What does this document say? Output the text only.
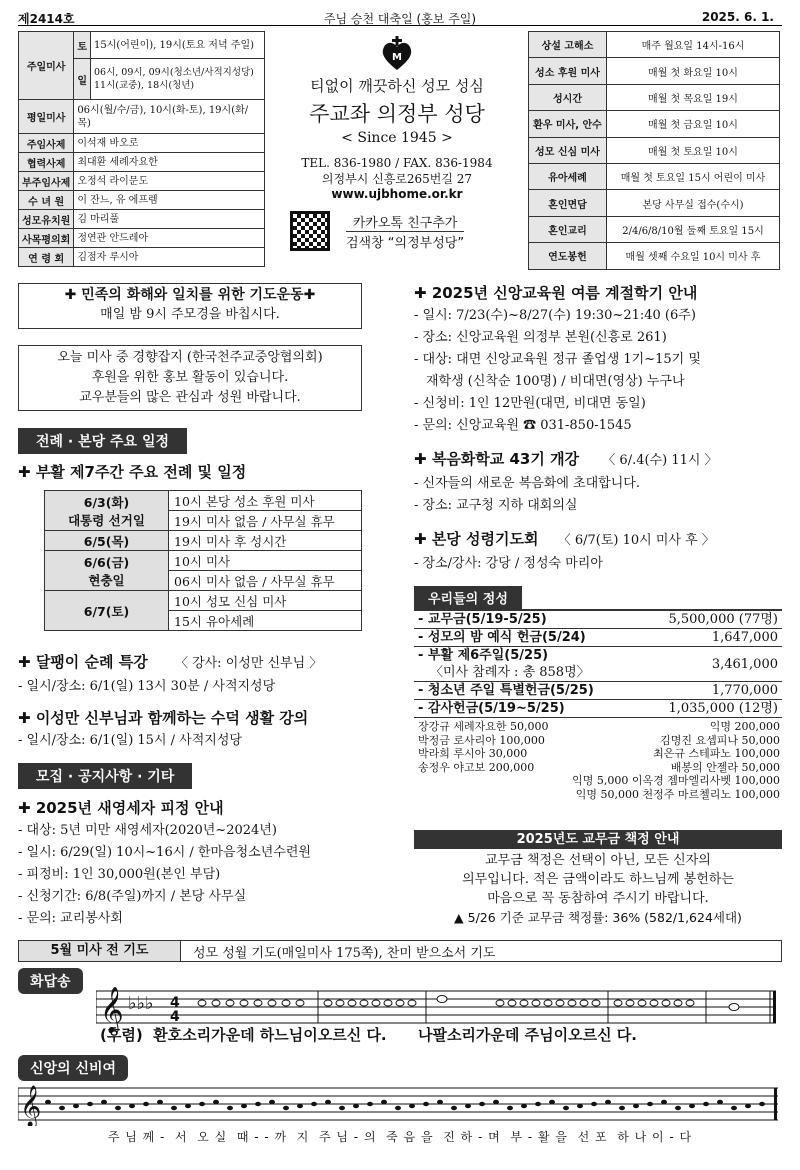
주님 승천 대축일 (홍보 주일)
제2414호	2025. 6. 1.
주일미사	토	15시(어린이), 19시(토요 저녁 주일)
	일	06시, 09시, 09시(청소년/사적지성당) 11시(교중), 18시(청년)
평일미사	06시(월/수/금), 10시(화-토), 19시(화/목)	
주임사제	이석재 바오로	
협력사제	최대환 세례자요한	
부주임사제	오정석 라이문도	
수 녀 원	이 잔느, 유 에프렘	
성모유치원	김 마리풀	
사목평의회	정연관 안드레아	
연 령 회	김점자 루시아	
M
티없이 깨끗하신 성모 성심
주교좌 의정부 성당
< Since 1945 >
TEL. 836-1980 / FAX. 836-1984
의정부시 신흥로265번길 27
www.ujbhome.or.kr
카카오톡 친구추가
검색창 “의정부성당”
상설 고해소	매주 월요일 14시-16시
성소 후원 미사	매월 첫 화요일 10시
성시간	매월 첫 목요일 19시
환우 미사, 안수	매월 첫 금요일 10시
성모 신심 미사	매월 첫 토요일 10시
유아세례	매월 첫 토요일 15시 어린이 미사
혼인면담	본당 사무실 접수(수시)
혼인교리	2/4/6/8/10월 둘째 토요일 15시
연도봉헌	매월 셋째 수요일 10시 미사 후
✚ 민족의 화해와 일치를 위한 기도운동✚
매일 밤 9시 주모경을 바칩시다.
오늘 미사 중 경향잡지 (한국천주교중앙협의회)
후원을 위한 홍보 활동이 있습니다.
교우분들의 많은 관심과 성원 바랍니다.
전례 · 본당 주요 일정
✚ 부활 제7주간 주요 전례 및 일정
6/3(화)
대통령 선거일	10시 본당 성소 후원 미사
	19시 미사 없음 / 사무실 휴무
6/5(목)	19시 미사 후 성시간
6/6(금)
현충일	10시 미사
	06시 미사 없음 / 사무실 휴무
6/7(토)	10시 성모 신심 미사
	15시 유아세례
✚ 달팽이 순례 특강 〈 강사: 이성만 신부님 〉
- 일시/장소: 6/1(일) 13시 30분 / 사적지성당
✚ 이성만 신부님과 함께하는 수덕 생활 강의
- 일시/장소: 6/1(일) 15시 / 사적지성당
모집 · 공지사항 · 기타
✚ 2025년 새영세자 피정 안내
- 대상: 5년 미만 새영세자(2020년~2024년)
- 일시: 6/29(일) 10시~16시 / 한마음청소년수련원
- 피정비: 1인 30,000원(본인 부담)
- 신청기간: 6/8(주일)까지 / 본당 사무실
- 문의: 교리봉사회
✚ 2025년 신앙교육원 여름 계절학기 안내
- 일시: 7/23(수)~8/27(수) 19:30~21:40 (6주)
- 장소: 신앙교육원 의정부 본원(신흥로 261)
- 대상: 대면 신앙교육원 정규 졸업생 1기~15기 및
재학생 (신착순 100명) / 비대면(영상) 누구나
- 신청비: 1인 12만원(대면, 비대면 동일)
- 문의: 신앙교육원 ☎ 031-850-1545
✚ 복음화학교 43기 개강 〈 6/.4(수) 11시 〉
- 신자들의 새로운 복음화에 초대합니다.
- 장소: 교구청 지하 대회의실
✚ 본당 성령기도회 〈 6/7(토) 10시 미사 후 〉
- 장소/강사: 강당 / 정성숙 마리아
우리들의 정성
- 교무금(5/19-5/25)	5,500,000 (77명)
- 성모의 밤 예식 헌금(5/24)	1,647,000
- 부활 제6주일(5/25)
〈미사 참례자 : 총 858명〉
3,461,000
- 청소년 주일 특별헌금(5/25)	1,770,000
- 감사헌금(5/19~5/25)	1,035,000 (12명)
장강규 세례자요한 50,000	익명 200,000
박정금 로사리아 100,000	김명진 요셉피나 50,000
박라희 루시아 30,000	최은규 스테파노 100,000
송정우 야고보 200,000	배봉의 안젤라 50,000
익명 5,000 이옥경 젬마엘리사벳 100,000
익명 50,000 천정주 마르첼리노 100,000
2025년도 교무금 책정 안내
교무금 책정은 선택이 아닌, 모든 신자의
의무입니다. 적은 금액이라도 하느님께 봉헌하는
마음으로 꼭 동참하여 주시기 바랍니다.
▲ 5/26 기준 교무금 책정률: 36% (582/1,624세대)
5월 미사 전 기도	성모 성월 기도(매일미사 175쪽), 찬미 받으소서 기도
화답송
𝄞 ♭♭♭ 4
4
(후렴)  환호소리가운데 하느님이오르신 다.      나팔소리가운데 주님이오르신 다.
신앙의 신비여
𝄞
주 님 께 -  서  오 실  때 - - 까  지  주 님 - 의  죽 음 을  진 하 - 며  부 - 활 을  선 포  하 나 이 - 다
